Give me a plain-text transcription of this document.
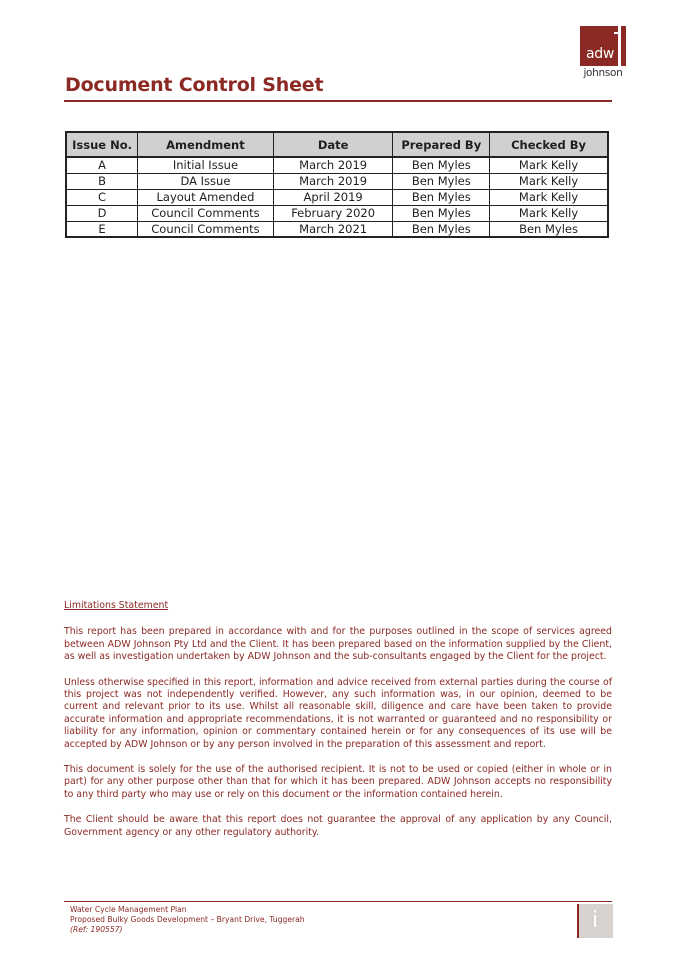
adw
johnson
Document Control Sheet
Issue No.	Amendment	Date	Prepared By	Checked By
A	Initial Issue	March 2019	Ben Myles	Mark Kelly
B	DA Issue	March 2019	Ben Myles	Mark Kelly
C	Layout Amended	April 2019	Ben Myles	Mark Kelly
D	Council Comments	February 2020	Ben Myles	Mark Kelly
E	Council Comments	March 2021	Ben Myles	Ben Myles
Limitations Statement

This report has been prepared in accordance with and for the purposes outlined in the scope of services agreed between ADW Johnson Pty Ltd and the Client. It has been prepared based on the information supplied by the Client, as well as investigation undertaken by ADW Johnson and the sub-consultants engaged by the Client for the project.

Unless otherwise specified in this report, information and advice received from external parties during the course of this project was not independently verified. However, any such information was, in our opinion, deemed to be current and relevant prior to its use. Whilst all reasonable skill, diligence and care have been taken to provide accurate information and appropriate recommendations, it is not warranted or guaranteed and no responsibility or liability for any information, opinion or commentary contained herein or for any consequences of its use will be accepted by ADW Johnson or by any person involved in the preparation of this assessment and report.

This document is solely for the use of the authorised recipient. It is not to be used or copied (either in whole or in part) for any other purpose other than that for which it has been prepared. ADW Johnson accepts no responsibility to any third party who may use or rely on this document or the information contained herein.

The Client should be aware that this report does not guarantee the approval of any application by any Council, Government agency or any other regulatory authority.

Water Cycle Management Plan
Proposed Bulky Goods Development – Bryant Drive, Tuggerah
(Ref: 190557)	i
